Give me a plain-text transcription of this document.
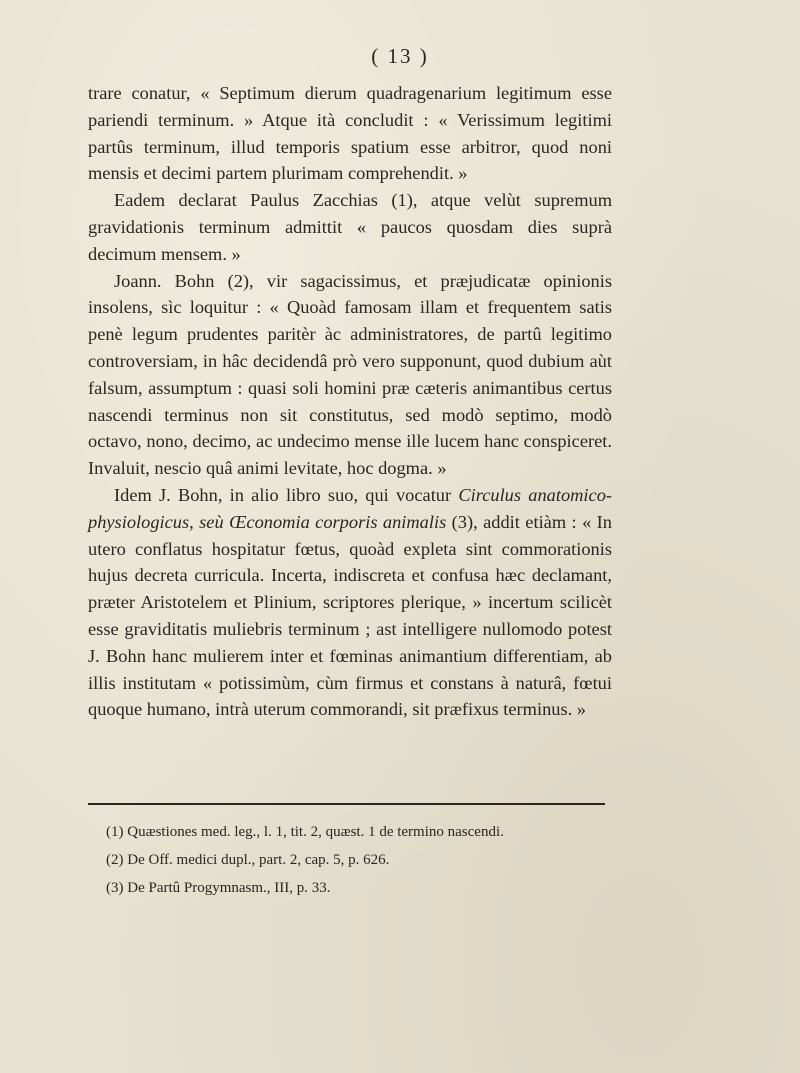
( 13 )

trare conatur, « Septimum dierum quadragenarium legitimum esse pariendi terminum. » Atque ità concludit : « Verissimum legitimi partûs terminum, illud temporis spatium esse arbitror, quod noni mensis et decimi partem plurimam comprehendit. »

Eadem declarat Paulus Zacchias (1), atque velùt supremum gravidationis terminum admittit « paucos quosdam dies suprà decimum mensem. »

Joann. Bohn (2), vir sagacissimus, et præjudicatæ opinionis insolens, sìc loquitur : « Quoàd famosam illam et frequentem satis penè legum prudentes paritèr àc administratores, de partû legitimo controversiam, in hâc decidendâ prò vero supponunt, quod dubium aùt falsum, assumptum : quasi soli homini præ cæteris animantibus certus nascendi terminus non sit constitutus, sed modò septimo, modò octavo, nono, decimo, ac undecimo mense ille lucem hanc conspiceret. Invaluit, nescio quâ animi levitate, hoc dogma. »

Idem J. Bohn, in alio libro suo, qui vocatur Circulus anatomico-physiologicus, seù Œconomia corporis animalis (3), addit etiàm : « In utero conflatus hospitatur fœtus, quoàd expleta sint commorationis hujus decreta curricula. Incerta, indiscreta et confusa hæc declamant, præter Aristotelem et Plinium, scriptores plerique, » incertum scilicèt esse graviditatis muliebris terminum ; ast intelligere nullomodo potest J. Bohn hanc mulierem inter et fœminas animantium differentiam, ab illis institutam « potissimùm, cùm firmus et constans à naturâ, fœtui quoque humano, intrà uterum commorandi, sit præfixus terminus. »

(1) Quæstiones med. leg., l. 1, tit. 2, quæst. 1 de termino nascendi.

(2) De Off. medici dupl., part. 2, cap. 5, p. 626.

(3) De Partû Progymnasm., III, p. 33.
